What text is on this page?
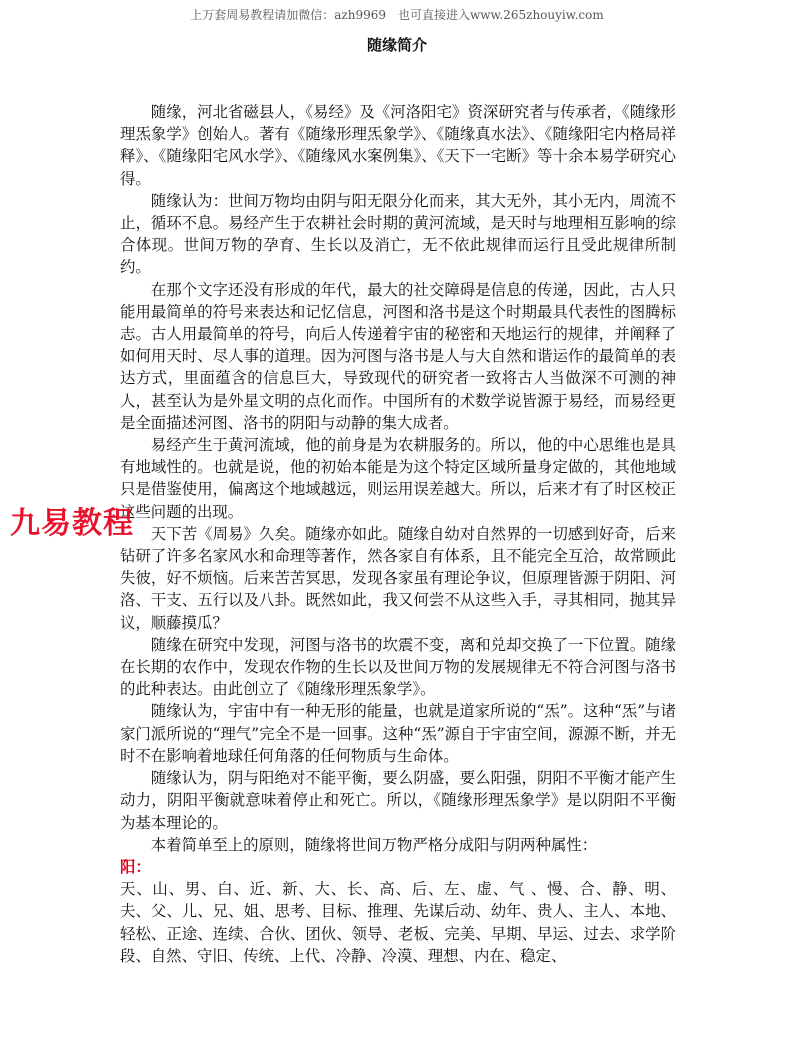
上万套周易教程请加微信：azh9969　也可直接进入www.265zhouyiw.com
随缘简介

随缘，河北省磁县人，《易经》及《河洛阳宅》资深研究者与传承者，《随缘形理炁象学》创始人。著有《随缘形理炁象学》、《随缘真水法》、《随缘阳宅内格局祥释》、《随缘阳宅风水学》、《随缘风水案例集》、《天下一宅断》等十余本易学研究心得。

随缘认为：世间万物均由阴与阳无限分化而来，其大无外，其小无内，周流不止，循环不息。易经产生于农耕社会时期的黄河流域，是天时与地理相互影响的综合体现。世间万物的孕育、生长以及消亡，无不依此规律而运行且受此规律所制约。

在那个文字还没有形成的年代，最大的社交障碍是信息的传递，因此，古人只能用最简单的符号来表达和记忆信息，河图和洛书是这个时期最具代表性的图腾标志。古人用最简单的符号，向后人传递着宇宙的秘密和天地运行的规律，并阐释了如何用天时、尽人事的道理。因为河图与洛书是人与大自然和谐运作的最简单的表达方式，里面蕴含的信息巨大，导致现代的研究者一致将古人当做深不可测的神人，甚至认为是外星文明的点化而作。中国所有的术数学说皆源于易经，而易经更是全面描述河图、洛书的阴阳与动静的集大成者。

易经产生于黄河流域，他的前身是为农耕服务的。所以，他的中心思维也是具有地域性的。也就是说，他的初始本能是为这个特定区域所量身定做的，其他地域只是借鉴使用，偏离这个地域越远，则运用误差越大。所以，后来才有了时区校正这些问题的出现。

天下苦《周易》久矣。随缘亦如此。随缘自幼对自然界的一切感到好奇，后来钻研了许多名家风水和命理等著作，然各家自有体系，且不能完全互洽，故常顾此失彼，好不烦恼。后来苦苦冥思，发现各家虽有理论争议，但原理皆源于阴阳、河洛、干支、五行以及八卦。既然如此，我又何尝不从这些入手，寻其相同，抛其异议，顺藤摸瓜？

随缘在研究中发现，河图与洛书的坎震不变，离和兑却交换了一下位置。随缘在长期的农作中，发现农作物的生长以及世间万物的发展规律无不符合河图与洛书的此种表达。由此创立了《随缘形理炁象学》。

随缘认为，宇宙中有一种无形的能量，也就是道家所说的“炁”。这种“炁”与诸家门派所说的“理气”完全不是一回事。这种“炁”源自于宇宙空间，源源不断，并无时不在影响着地球任何角落的任何物质与生命体。

随缘认为，阴与阳绝对不能平衡，要么阴盛，要么阳强，阴阳不平衡才能产生动力，阴阳平衡就意味着停止和死亡。所以，《随缘形理炁象学》是以阴阳不平衡为基本理论的。

本着简单至上的原则，随缘将世间万物严格分成阳与阴两种属性：

阳：

天、山、男、白、近、新、大、长、高、后、左、虚、气 、慢、合、静、明、夫、父、儿、兄、姐、思考、目标、推理、先谋后动、幼年、贵人、主人、本地、轻松、正途、连续、合伙、团伙、领导、老板、完美、早期、早运、过去、求学阶段、自然、守旧、传统、上代、冷静、冷漠、理想、内在、稳定、

九易教程
